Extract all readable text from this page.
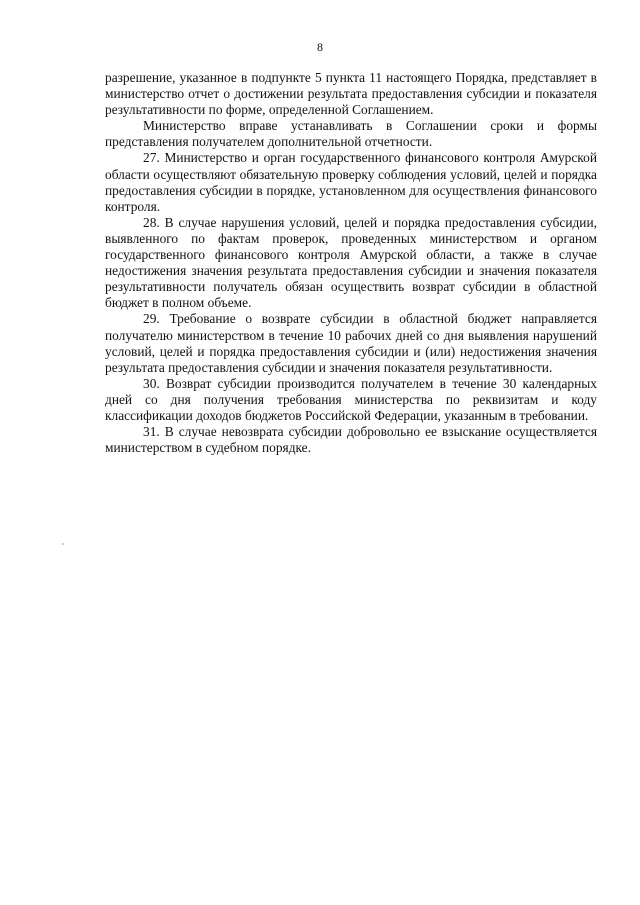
8

разрешение, указанное в подпункте 5 пункта 11 настоящего Порядка, представляет в министерство отчет о достижении результата предоставления субсидии и показателя результативности по форме, определенной Соглашением.

Министерство вправе устанавливать в Соглашении сроки и формы представления получателем дополнительной отчетности.

27. Министерство и орган государственного финансового контроля Амурской области осуществляют обязательную проверку соблюдения условий, целей и порядка предоставления субсидии в порядке, установленном для осуществления финансового контроля.

28. В случае нарушения условий, целей и порядка предоставления субсидии, выявленного по фактам проверок, проведенных министерством и органом государственного финансового контроля Амурской области, а также в случае недостижения значения результата предоставления субсидии и значения показателя результативности получатель обязан осуществить возврат субсидии в областной бюджет в полном объеме.

29. Требование о возврате субсидии в областной бюджет направляется получателю министерством в течение 10 рабочих дней со дня выявления нарушений условий, целей и порядка предоставления субсидии и (или) недостижения значения результата предоставления субсидии и значения показателя результативности.

30. Возврат субсидии производится получателем в течение 30 календарных дней со дня получения требования министерства по реквизитам и коду классификации доходов бюджетов Российской Федерации, указанным в требовании.

31. В случае невозврата субсидии добровольно ее взыскание осуществляется министерством в судебном порядке.
